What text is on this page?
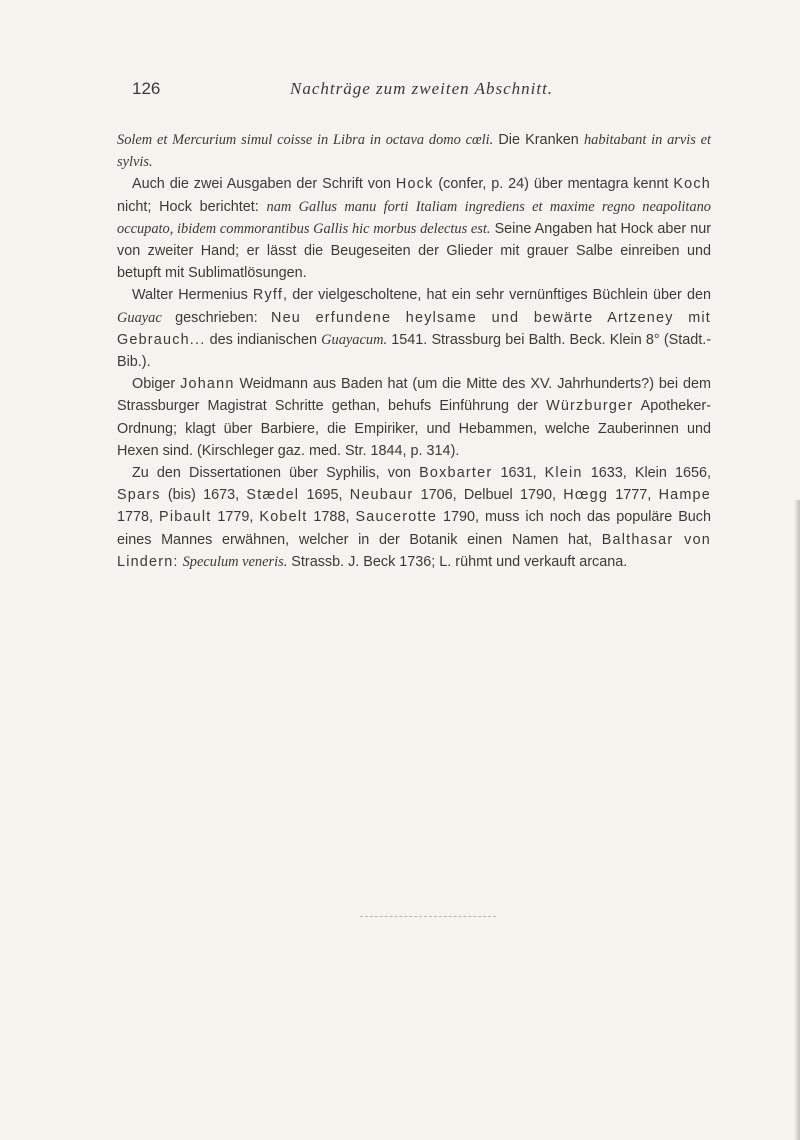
126	Nachträge zum zweiten Abschnitt.

Solem et Mercurium simul coisse in Libra in octava domo cœli. Die Kranken habitabant in arvis et sylvis.

Auch die zwei Ausgaben der Schrift von Hock (confer, p. 24) über mentagra kennt Koch nicht; Hock berichtet: nam Gallus manu forti Italiam ingrediens et maxime regno neapolitano occupato, ibidem commorantibus Gallis hic morbus delectus est. Seine Angaben hat Hock aber nur von zweiter Hand; er lässt die Beugeseiten der Glieder mit grauer Salbe einreiben und betupft mit Sublimatlösungen.

Walter Hermenius Ryff, der vielgescholtene, hat ein sehr vernünftiges Büchlein über den Guayac geschrieben: Neu erfundene heylsame und bewärte Artzeney mit Gebrauch... des indianischen Guayacum. 1541. Strassburg bei Balth. Beck. Klein 8° (Stadt.-Bib.).

Obiger Johann Weidmann aus Baden hat (um die Mitte des XV. Jahrhunderts?) bei dem Strassburger Magistrat Schritte gethan, behufs Einführung der Würzburger Apotheker-Ordnung; klagt über Barbiere, die Empiriker, und Hebammen, welche Zauberinnen und Hexen sind. (Kirschleger gaz. med. Str. 1844, p. 314).

Zu den Dissertationen über Syphilis, von Boxbarter 1631, Klein 1633, Klein 1656, Spars (bis) 1673, Stædel 1695, Neubaur 1706, Delbuel 1790, Hœgg 1777, Hampe 1778, Pibault 1779, Kobelt 1788, Saucerotte 1790, muss ich noch das populäre Buch eines Mannes erwähnen, welcher in der Botanik einen Namen hat, Balthasar von Lindern: Speculum veneris. Strassb. J. Beck 1736; L. rühmt und verkauft arcana.
